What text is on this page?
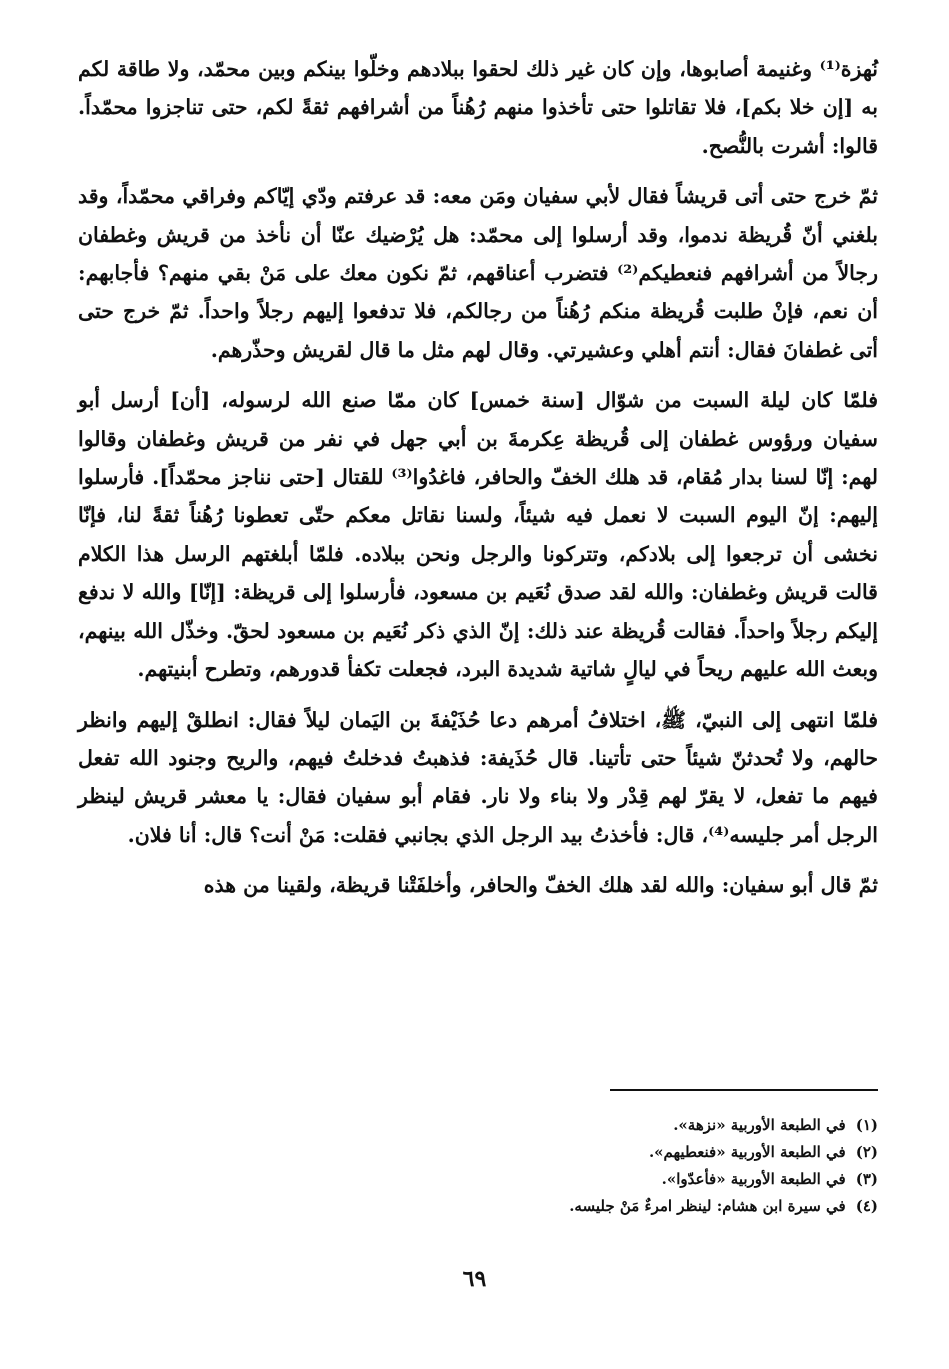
نُهزة⁽¹⁾ وغنيمة أصابوها، وإن كان غير ذلك لحقوا ببلادهم وخلّوا بينكم وبين محمّد، ولا طاقة لكم به [إن خلا بكم]، فلا تقاتلوا حتى تأخذوا منهم رُهُناً من أشرافهم ثقةً لكم، حتى تناجزوا محمّداً. قالوا: أشرت بالنُّصح.

ثمّ خرج حتى أتى قريشاً فقال لأبي سفيان ومَن معه: قد عرفتم ودّي إيّاكم وفراقي محمّداً، وقد بلغني أنّ قُريظة ندموا، وقد أرسلوا إلى محمّد: هل يُرْضيك عنّا أن نأخذ من قريش وغطفان رجالاً من أشرافهم فنعطيكم⁽²⁾ فتضرب أعناقهم، ثمّ نكون معك على مَنْ بقي منهم؟ فأجابهم: أن نعم، فإنْ طلبت قُريظة منكم رُهُناً من رجالكم، فلا تدفعوا إليهم رجلاً واحداً. ثمّ خرج حتى أتى غطفانَ فقال: أنتم أهلي وعشيرتي. وقال لهم مثل ما قال لقريش وحذّرهم.

فلمّا كان ليلة السبت من شوّال [سنة خمس] كان ممّا صنع الله لرسوله، [أن] أرسل أبو سفيان ورؤوس غطفان إلى قُريظة عِكرمةَ بن أبي جهل في نفر من قريش وغطفان وقالوا لهم: إنّا لسنا بدار مُقام، قد هلك الخفّ والحافر، فاغدُوا⁽³⁾ للقتال [حتى نناجز محمّداً]. فأرسلوا إليهم: إنّ اليوم السبت لا نعمل فيه شيئاً، ولسنا نقاتل معكم حتّى تعطونا رُهُناً ثقةً لنا، فإنّا نخشى أن ترجعوا إلى بلادكم، وتتركونا والرجل ونحن ببلاده. فلمّا أبلغتهم الرسل هذا الكلام قالت قريش وغطفان: والله لقد صدق نُعَيم بن مسعود، فأرسلوا إلى قريظة: [إنّا] والله لا ندفع إليكم رجلاً واحداً. فقالت قُريظة عند ذلك: إنّ الذي ذكر نُعَيم بن مسعود لحقّ. وخذّل الله بينهم، وبعث الله عليهم ريحاً في ليالٍ شاتية شديدة البرد، فجعلت تكفأ قدورهم، وتطرح أبنيتهم.

فلمّا انتهى إلى النبيّ، ﷺ، اختلافُ أمرهم دعا حُذَيْفةَ بن اليَمان ليلاً فقال: انطلقْ إليهم وانظر حالهم، ولا تُحدثنّ شيئاً حتى تأتينا. قال حُذَيفة: فذهبتُ فدخلتُ فيهم، والريح وجنود الله تفعل فيهم ما تفعل، لا يقرّ لهم قِدْر ولا بناء ولا نار. فقام أبو سفيان فقال: يا معشر قريش لينظر الرجل أمر جليسه⁽⁴⁾، قال: فأخذتُ بيد الرجل الذي بجانبي فقلت: مَنْ أنت؟ قال: أنا فلان.

ثمّ قال أبو سفيان: والله لقد هلك الخفّ والحافر، وأخلفَتْنا قريظة، ولقينا من هذه

(١)في الطبعة الأوربية «نزهة».

(٢)في الطبعة الأوربية «فنعطيهم».

(٣)في الطبعة الأوربية «فأعدّوا».

(٤)في سيرة ابن هشام: لينظر امرءٌ مَنْ جليسه.

٦٩
